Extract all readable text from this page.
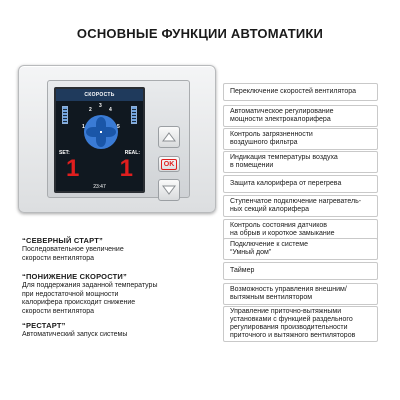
ОСНОВНЫЕ ФУНКЦИИ АВТОМАТИКИ
СКОРОСТЬ
1
2
3
4
5
SET:	REAL:
1 1
23:47
OK
“СЕВЕРНЫЙ СТАРТ”
Последовательное увеличение
скорости вентилятора
“ПОНИЖЕНИЕ СКОРОСТИ”
Для поддержания заданной температуры
при недостаточной мощности
калорифера происходит снижение
скорости вентилятора
“РЕСТАРТ”
Автоматический запуск системы
Переключение скоростей вентилятора
Автоматическое регулирование
мощности электрокалорифера
Контроль загрязненности
воздушного фильтра
Индикация температуры воздуха
в помещении
Защита калорифера от перегрева
Ступенчатое подключение нагреватель-
ных секций калорифера
Контроль состояния датчиков
на обрыв и короткое замыкание
Подключение к системе
“Умный дом”
Таймер
Возможность управления внешним/
вытяжным вентилятором
Управление приточно-вытяжными
установками с функцией раздельного
регулирования производительности
приточного и вытяжного вентиляторов
